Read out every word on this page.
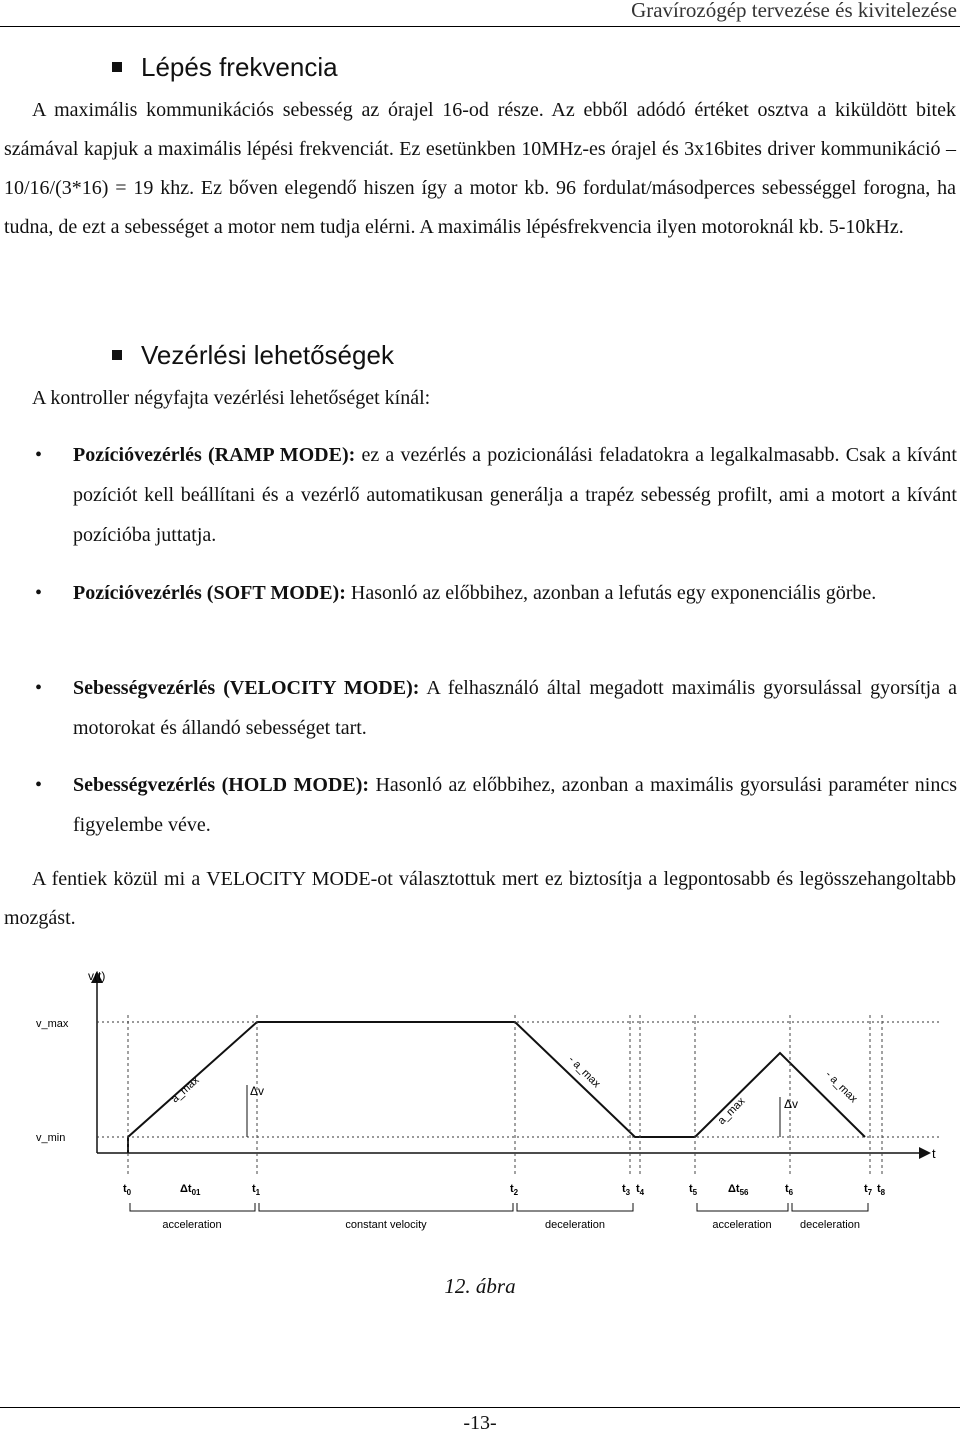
Gravírozógép tervezése és kivitelezése
Lépés frekvencia
A maximális kommunikációs sebesség az órajel 16-od része. Az ebből adódó értéket osztva a kiküldött bitek számával kapjuk a maximális lépési frekvenciát. Ez esetünkben 10MHz-es órajel és 3x16bites driver kommunikáció – 10/16/(3*16) = 19 khz. Ez bőven elegendő hiszen így a motor kb. 96 fordulat/másodperces sebességgel forogna, ha tudna, de ezt a sebességet a motor nem tudja elérni. A maximális lépésfrekvencia ilyen motoroknál kb. 5-10kHz.
Vezérlési lehetőségek
A kontroller négyfajta vezérlési lehetőséget kínál:
• Pozícióvezérlés (RAMP MODE): ez a vezérlés a pozicionálási feladatokra a legalkalmasabb. Csak a kívánt pozíciót kell beállítani és a vezérlő automatikusan generálja a trapéz sebesség profilt, ami a motort a kívánt pozícióba juttatja.
• Pozícióvezérlés (SOFT MODE): Hasonló az előbbihez, azonban a lefutás egy exponenciális görbe.
• Sebességvezérlés (VELOCITY MODE): A felhasználó által megadott maximális gyorsulással gyorsítja a motorokat és állandó sebességet tart.
• Sebességvezérlés (HOLD MODE): Hasonló az előbbihez, azonban a maximális gyorsulási paraméter nincs figyelembe véve.
A fentiek közül mi a VELOCITY MODE-ot választottuk mert ez biztosítja a legpontosabb és legösszehangoltabb mozgást.
v(t)
t
v_max
v_min
Δv
Δv
a_max	- a_max
a_max
- a_max
$t_0$	$\Delta t_{01}$	$t_1$	$t_2$	$t_3$ $t_4$	$t_5$	$\Delta t_{56}$	$t_6$	$t_7$ $t_8$
acceleration	constant velocity	deceleration	acceleration	deceleration
12. ábra
-13-
